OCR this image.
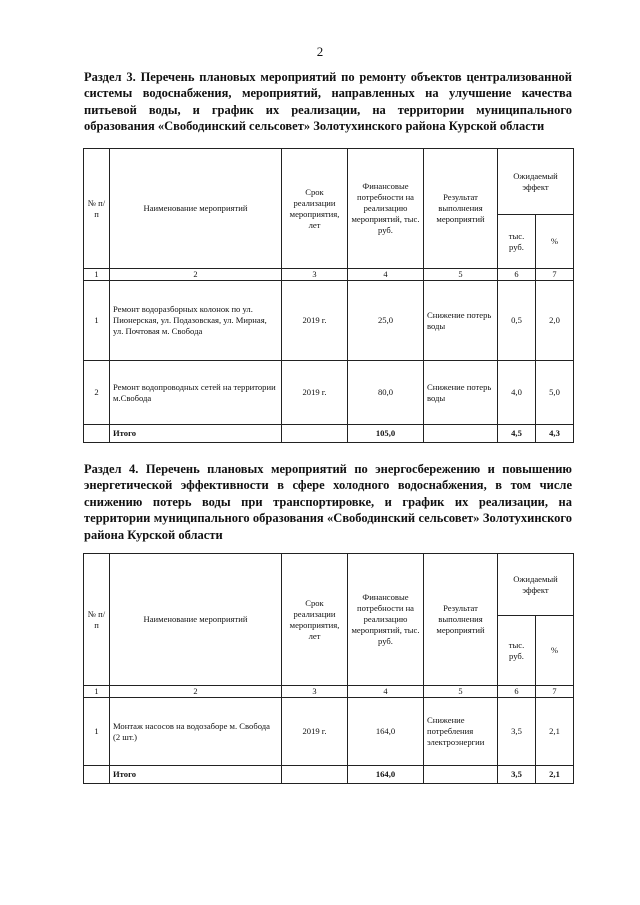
2
Раздел 3. Перечень плановых мероприятий по ремонту объектов централизованной системы водоснабжения, мероприятий, направленных на улучшение качества питьевой воды, и график их реализации, на территории муниципального образования «Свободинский сельсовет» Золотухинского района Курской области
№ п/п	Наименование мероприятий	Срок реализации мероприятия, лет	Финансовые потребности на реализацию мероприятий, тыс. руб.	Результат выполнения мероприятий	Ожидаемый эффект	
					тыс. руб.	%
1	2	3	4	5	6	7
1	Ремонт водоразборных колонок по ул. Пионерская, ул. Подазовская, ул. Мирная, ул. Почтовая м. Свобода	2019 г.	25,0	Снижение потерь воды	0,5	2,0
2	Ремонт водопроводных сетей на территории м.Свобода	2019 г.	80,0	Снижение потерь воды	4,0	5,0
	Итого		105,0		4,5	4,3
Раздел 4. Перечень плановых мероприятий по энергосбережению и повышению энергетической эффективности в сфере холодного водоснабжения, в том числе снижению потерь воды при транспортировке, и график их реализации, на территории муниципального образования «Свободинский сельсовет» Золотухинского района Курской области
№ п/п	Наименование мероприятий	Срок реализации мероприятия, лет	Финансовые потребности на реализацию мероприятий, тыс. руб.	Результат выполнения мероприятий	Ожидаемый эффект	
					тыс. руб.	%
1	2	3	4	5	6	7
1	Монтаж насосов на водозаборе м. Свобода (2 шт.)	2019 г.	164,0	Снижение потребления электроэнергии	3,5	2,1
	Итого		164,0		3,5	2,1
